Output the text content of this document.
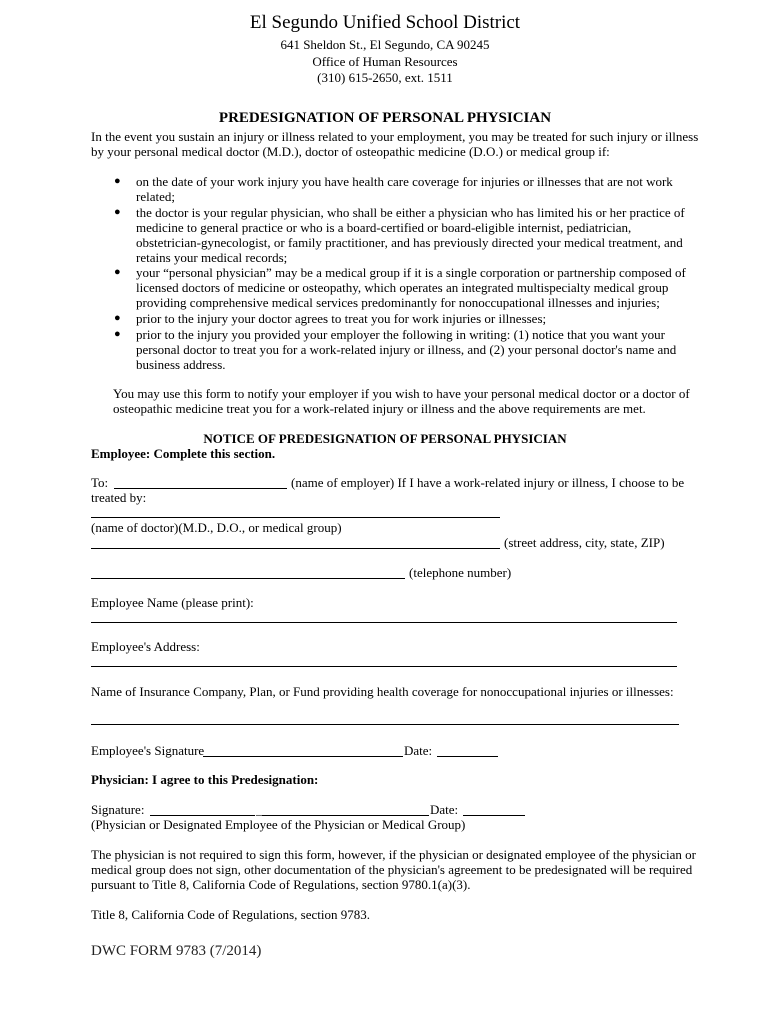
El Segundo Unified School District
641 Sheldon St., El Segundo, CA 90245
Office of Human Resources
(310) 615-2650, ext. 1511
PREDESIGNATION OF PERSONAL PHYSICIAN
In the event you sustain an injury or illness related to your employment, you may be treated for such injury or illness
by your personal medical doctor (M.D.), doctor of osteopathic medicine (D.O.) or medical group if:
● on the date of your work injury you have health care coverage for injuries or illnesses that are not work
related;
● the doctor is your regular physician, who shall be either a physician who has limited his or her practice of
medicine to general practice or who is a board-certified or board-eligible internist, pediatrician,
obstetrician-gynecologist, or family practitioner, and has previously directed your medical treatment, and
retains your medical records;
● your “personal physician” may be a medical group if it is a single corporation or partnership composed of
licensed doctors of medicine or osteopathy, which operates an integrated multispecialty medical group
providing comprehensive medical services predominantly for nonoccupational illnesses and injuries;
● prior to the injury your doctor agrees to treat you for work injuries or illnesses;
● prior to the injury you provided your employer the following in writing: (1) notice that you want your
personal doctor to treat you for a work-related injury or illness, and (2) your personal doctor's name and
business address.
You may use this form to notify your employer if you wish to have your personal medical doctor or a doctor of
osteopathic medicine treat you for a work-related injury or illness and the above requirements are met.
NOTICE OF PREDESIGNATION OF PERSONAL PHYSICIAN
Employee: Complete this section.
To:	(name of employer) If I have a work-related injury or illness, I choose to be
treated by:
(name of doctor)(M.D., D.O., or medical group)
(street address, city, state, ZIP)
(telephone number)
Employee Name (please print):
Employee's Address:
Name of Insurance Company, Plan, or Fund providing health coverage for nonoccupational injuries or illnesses:
Employee's Signature	Date:
Physician: I agree to this Predesignation:
Signature:	_	Date:
(Physician or Designated Employee of the Physician or Medical Group)
The physician is not required to sign this form, however, if the physician or designated employee of the physician or
medical group does not sign, other documentation of the physician's agreement to be predesignated will be required
pursuant to Title 8, California Code of Regulations, section 9780.1(a)(3).
Title 8, California Code of Regulations, section 9783.
DWC FORM 9783 (7/2014)
